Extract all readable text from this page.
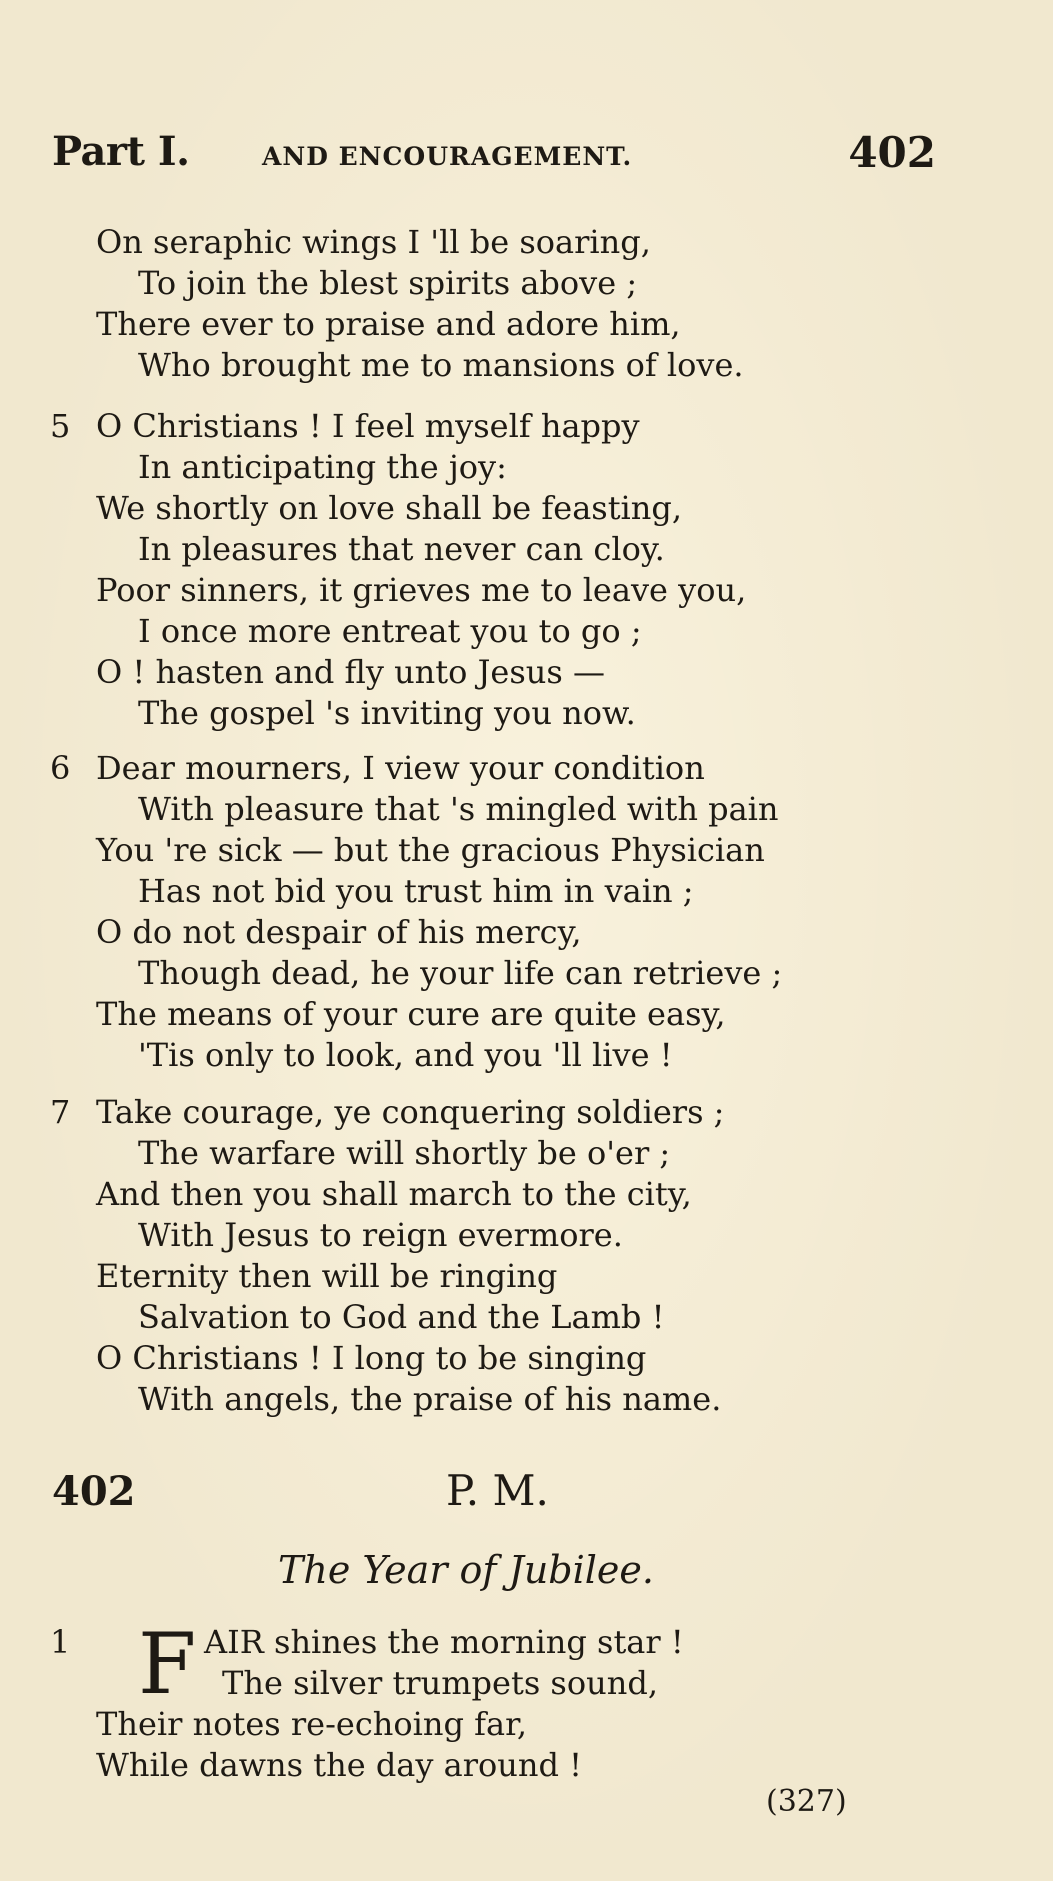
Part I.	AND ENCOURAGEMENT.	402
On seraphic wings I 'll be soaring,
To join the blest spirits above ;
There ever to praise and adore him,
Who brought me to mansions of love.
5 O Christians ! I feel myself happy
In anticipating the joy:
We shortly on love shall be feasting,
In pleasures that never can cloy.
Poor sinners, it grieves me to leave you,
I once more entreat you to go ;
O ! hasten and fly unto Jesus —
The gospel 's inviting you now.
6 Dear mourners, I view your condition
With pleasure that 's mingled with pain
You 're sick — but the gracious Physician
Has not bid you trust him in vain ;
O do not despair of his mercy,
Though dead, he your life can retrieve ;
The means of your cure are quite easy,
'Tis only to look, and you 'll live !
7 Take courage, ye conquering soldiers ;
The warfare will shortly be o'er ;
And then you shall march to the city,
With Jesus to reign evermore.
Eternity then will be ringing
Salvation to God and the Lamb !
O Christians ! I long to be singing
With angels, the praise of his name.
402	P. M.
The Year of Jubilee.
1 F AIR shines the morning star !
The silver trumpets sound,
Their notes re-echoing far,
While dawns the day around !
(327)
